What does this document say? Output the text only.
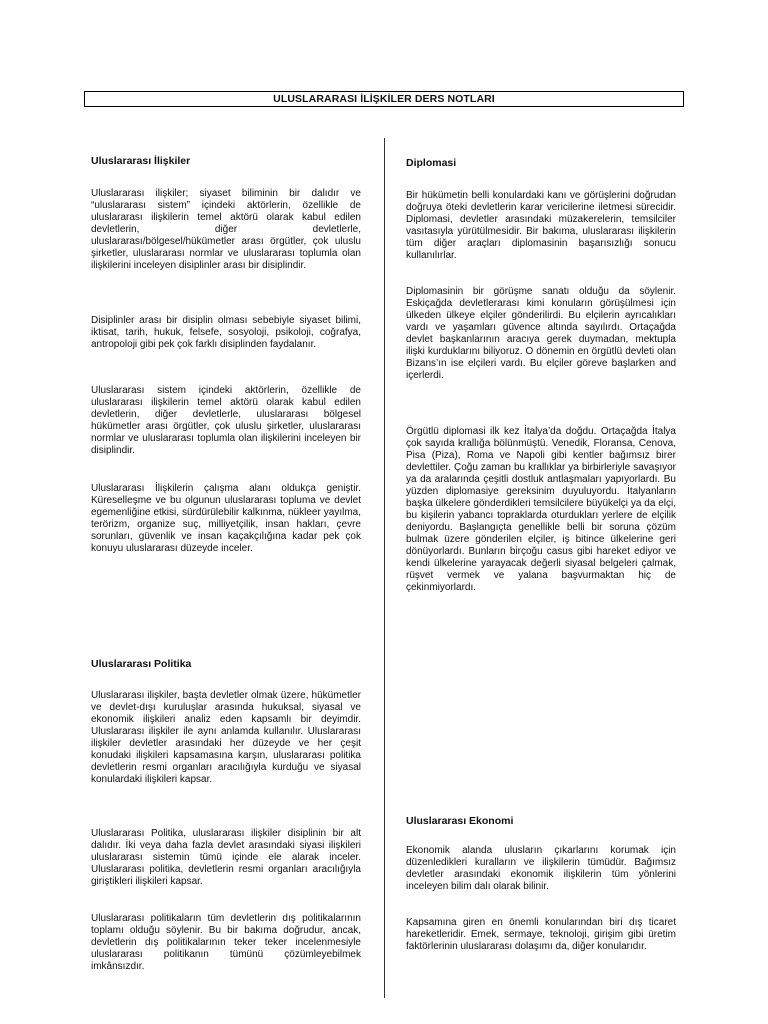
ULUSLARARASI İLİŞKİLER DERS NOTLARI
Uluslararası İlişkiler
Uluslararası ilişkiler; siyaset biliminin bir dalıdır ve “uluslararası sistem” içindeki aktörlerin, özellikle de uluslararası ilişkilerin temel aktörü olarak kabul edilen devletlerin, diğer devletlerle, uluslararası/bölgesel/hükümetler arası örgütler, çok uluslu şirketler, uluslararası normlar ve uluslararası toplumla olan ilişkilerini inceleyen disiplinler arası bir disiplindir.
Disiplinler arası bir disiplin olması sebebiyle siyaset bilimi, iktisat, tarih, hukuk, felsefe, sosyoloji, psikoloji, coğrafya, antropoloji gibi pek çok farklı disiplinden faydalanır.
Uluslararası sistem içindeki aktörlerin, özellikle de uluslararası ilişkilerin temel aktörü olarak kabul edilen devletlerin, diğer devletlerle, uluslararası bölgesel hükümetler arası örgütler, çok uluslu şirketler, uluslararası normlar ve uluslararası toplumla olan ilişkilerini inceleyen bir disiplindir.
Uluslararası İlişkilerin çalışma alanı oldukça geniştir. Küreselleşme ve bu olgunun uluslararası topluma ve devlet egemenliğine etkisi, sürdürülebilir kalkınma, nükleer yayılma, terörizm, organize suç, milliyetçilik, insan hakları, çevre sorunları, güvenlik ve insan kaçakçılığına kadar pek çok konuyu uluslararası düzeyde inceler.
Uluslararası Politika
Uluslararası ilişkiler, başta devletler olmak üzere, hükümetler ve devlet-dışı kuruluşlar arasında hukuksal, siyasal ve ekonomik ilişkileri analiz eden kapsamlı bir deyimdir. Uluslararası ilişkiler ile aynı anlamda kullanılır. Uluslararası ilişkiler devletler arasındaki her düzeyde ve her çeşit konudaki ilişkileri kapsamasına karşın, uluslararası politika devletlerin resmi organları aracılığıyla kurduğu ve siyasal konulardaki ilişkileri kapsar.
Uluslararası Politika, uluslararası ilişkiler disiplinin bir alt dalıdır. İki veya daha fazla devlet arasındaki siyasi ilişkileri uluslararası sistemin tümü içinde ele alarak inceler. Uluslararası politika, devletlerin resmi organları aracılığıyla giriştikleri ilişkileri kapsar.
Uluslararası politikaların tüm devletlerin dış politikalarının toplamı olduğu söylenir. Bu bir bakıma doğrudur, ancak, devletlerin dış politikalarının teker teker incelenmesiyle uluslararası politikanın tümünü çözümleyebilmek imkânsızdır.
Diplomasi
Bir hükümetin belli konulardaki kanı ve görüşlerini doğrudan doğruya öteki devletlerin karar vericilerine iletmesi sürecidir. Diplomasi, devletler arasındaki müzakerelerin, temsilciler vasıtasıyla yürütülmesidir. Bir bakıma, uluslararası ilişkilerin tüm diğer araçları diplomasinin başarısızlığı sonucu kullanılırlar.
Diplomasinin bir görüşme sanatı olduğu da söylenir. Eskiçağda devletlerarası kimi konuların görüşülmesi için ülkeden ülkeye elçiler gönderilirdi. Bu elçilerin ayrıcalıkları vardı ve yaşamları güvence altında sayılırdı. Ortaçağda devlet başkanlarının aracıya gerek duymadan, mektupla ilişki kurduklarını biliyoruz. O dönemin en örgütlü devleti olan Bizans’ın ise elçileri vardı. Bu elçiler göreve başlarken and içerlerdi.
Örgütlü diplomasi ilk kez İtalya’da doğdu. Ortaçağda İtalya çok sayıda krallığa bölünmüştü. Venedik, Floransa, Cenova, Pisa (Piza), Roma ve Napoli gibi kentler bağımsız birer devlettiler. Çoğu zaman bu krallıklar ya birbirleriyle savaşıyor ya da aralarında çeşitli dostluk antlaşmaları yapıyorlardı. Bu yüzden diplomasiye gereksinim duyuluyordu. İtalyanların başka ülkelere gönderdikleri temsilcilere büyükelçi ya da elçi, bu kişilerin yabancı topraklarda oturdukları yerlere de elçilik deniyordu. Başlangıçta genellikle belli bir soruna çözüm bulmak üzere gönderilen elçiler, iş bitince ülkelerine geri dönüyorlardı. Bunların birçoğu casus gibi hareket ediyor ve kendi ülkelerine yarayacak değerli siyasal belgeleri çalmak, rüşvet vermek ve yalana başvurmaktan hiç de çekinmiyorlardı.
Uluslararası Ekonomi
Ekonomik alanda ulusların çıkarlarını korumak için düzenledikleri kuralların ve ilişkilerin tümüdür. Bağımsız devletler arasındaki ekonomik ilişkilerin tüm yönlerini inceleyen bilim dalı olarak bilinir.
Kapsamına giren en önemli konularından biri dış ticaret hareketleridir. Emek, sermaye, teknoloji, girişim gibi üretim faktörlerinin uluslararası dolaşımı da, diğer konularıdır.
